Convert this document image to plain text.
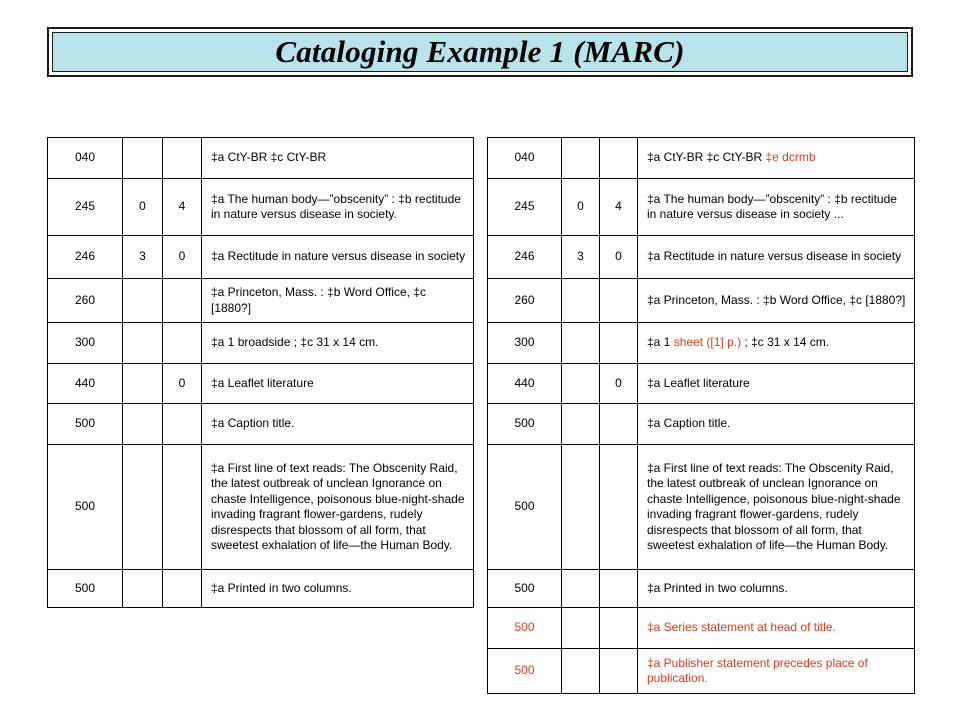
Cataloging Example 1 (MARC)
040			‡a CtY-BR ‡c CtY-BR
245	0	4	‡a The human body—”obscenity” : ‡b rectitude in nature versus disease in society.
246	3	0	‡a Rectitude in nature versus disease in society
260			‡a Princeton, Mass. : ‡b Word Office, ‡c [1880?]
300			‡a 1 broadside ; ‡c 31 x 14 cm.
440		0	‡a Leaflet literature
500			‡a Caption title.
500			‡a First line of text reads: The Obscenity Raid, the latest outbreak of unclean Ignorance on chaste Intelligence, poisonous blue-night-shade invading fragrant flower-gardens, rudely disrespects that blossom of all form, that sweetest exhalation of life—the Human Body.
500			‡a Printed in two columns.
040			‡a CtY-BR ‡c CtY-BR ‡e dcrmb
245	0	4	‡a The human body—”obscenity” : ‡b rectitude in nature versus disease in society ...
246	3	0	‡a Rectitude in nature versus disease in society
260			‡a Princeton, Mass. : ‡b Word Office, ‡c [1880?]
300			‡a 1 sheet ([1] p.) ; ‡c 31 x 14 cm.
440		0	‡a Leaflet literature
500			‡a Caption title.
500			‡a First line of text reads: The Obscenity Raid, the latest outbreak of unclean Ignorance on chaste Intelligence, poisonous blue-night-shade invading fragrant flower-gardens, rudely disrespects that blossom of all form, that sweetest exhalation of life—the Human Body.
500			‡a Printed in two columns.
500			‡a Series statement at head of title.
500			‡a Publisher statement precedes place of publication.
